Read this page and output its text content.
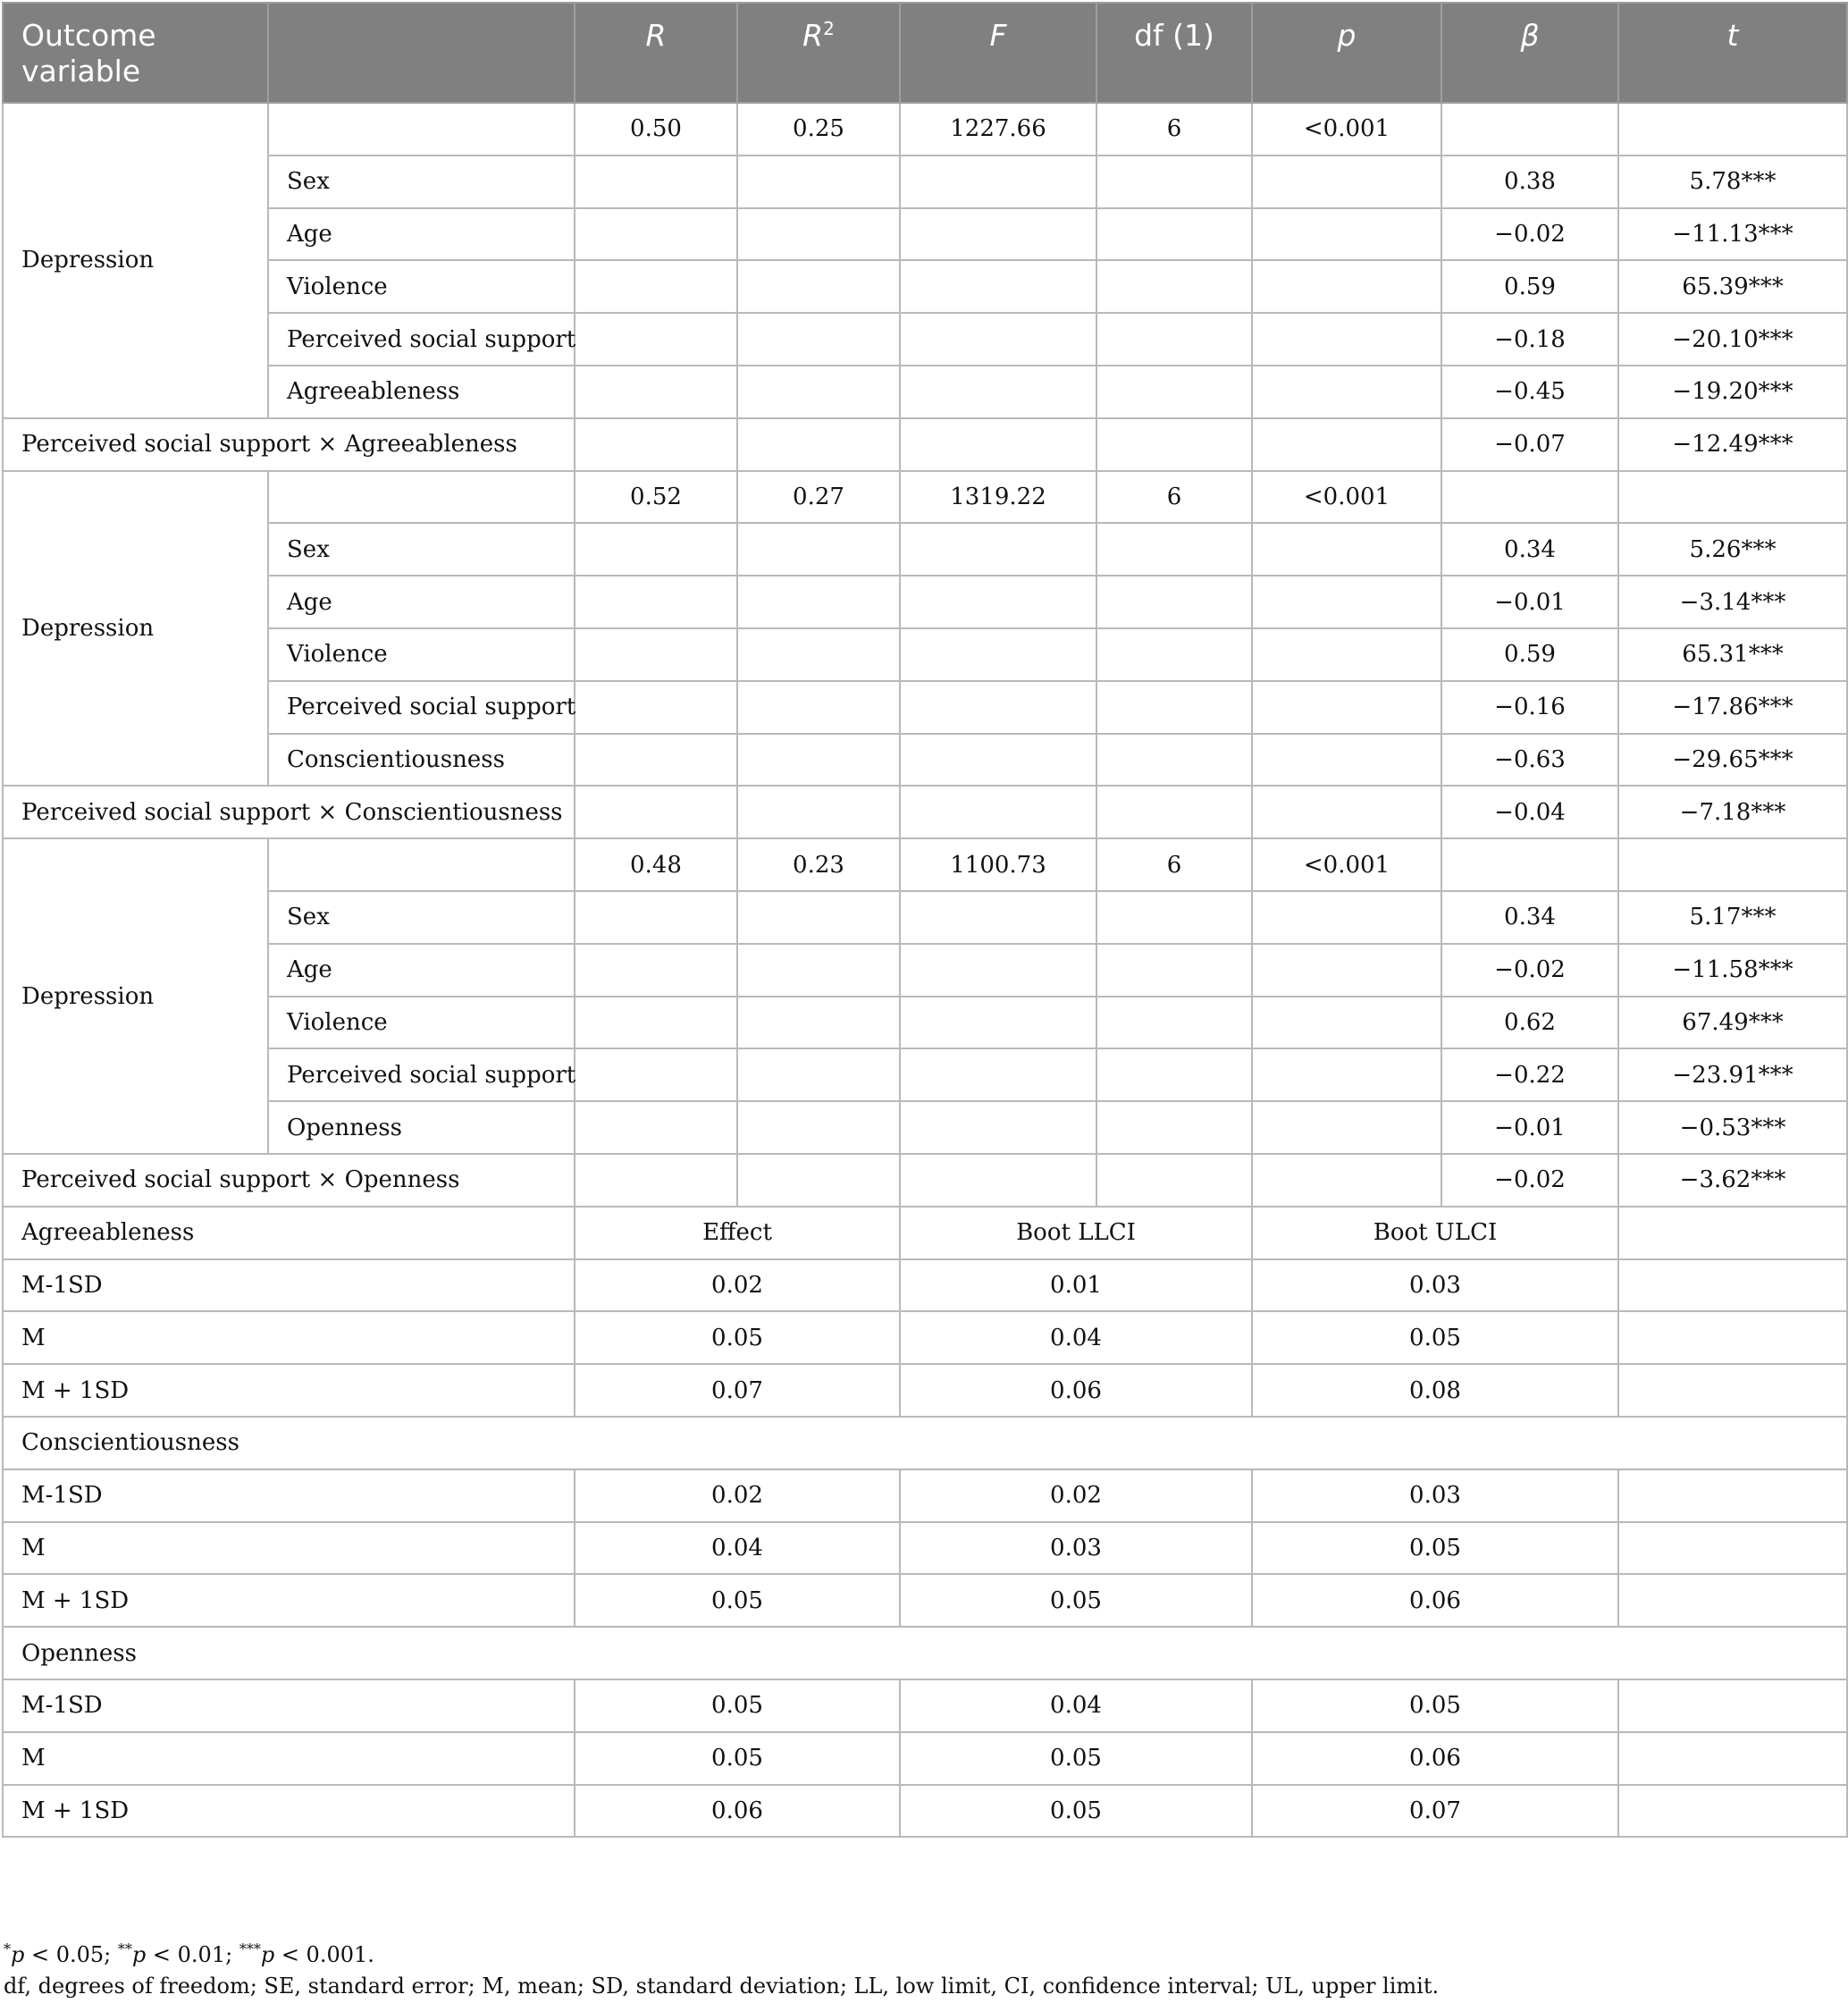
Outcome variable		R	$R^2$	F	df (1)	p	β	t
Depression		0.50	0.25	1227.66	6	<0.001		
	Sex						0.38	5.78***
	Age						−0.02	−11.13***
	Violence						0.59	65.39***
	Perceived social support						−0.18	−20.10***
	Agreeableness						−0.45	−19.20***
Perceived social support × Agreeableness							−0.07	−12.49***
Depression		0.52	0.27	1319.22	6	<0.001		
	Sex						0.34	5.26***
	Age						−0.01	−3.14***
	Violence						0.59	65.31***
	Perceived social support						−0.16	−17.86***
	Conscientiousness						−0.63	−29.65***
Perceived social support × Conscientiousness							−0.04	−7.18***
Depression		0.48	0.23	1100.73	6	<0.001		
	Sex						0.34	5.17***
	Age						−0.02	−11.58***
	Violence						0.62	67.49***
	Perceived social support						−0.22	−23.91***
	Openness						−0.01	−0.53***
Perceived social support × Openness							−0.02	−3.62***
Agreeableness		Effect		Boot LLCI		Boot ULCI		
M-1SD		0.02		0.01		0.03		
M		0.05		0.04		0.05		
M + 1SD		0.07		0.06		0.08		
Conscientiousness								
M-1SD		0.02		0.02		0.03		
M		0.04		0.03		0.05		
M + 1SD		0.05		0.05		0.06		
Openness								
M-1SD		0.05		0.04		0.05		
M		0.05		0.05		0.06		
M + 1SD		0.06		0.05		0.07		
*p < 0.05; **p < 0.01; ***p < 0.001.
df, degrees of freedom; SE, standard error; M, mean; SD, standard deviation; LL, low limit, CI, confidence interval; UL, upper limit.
